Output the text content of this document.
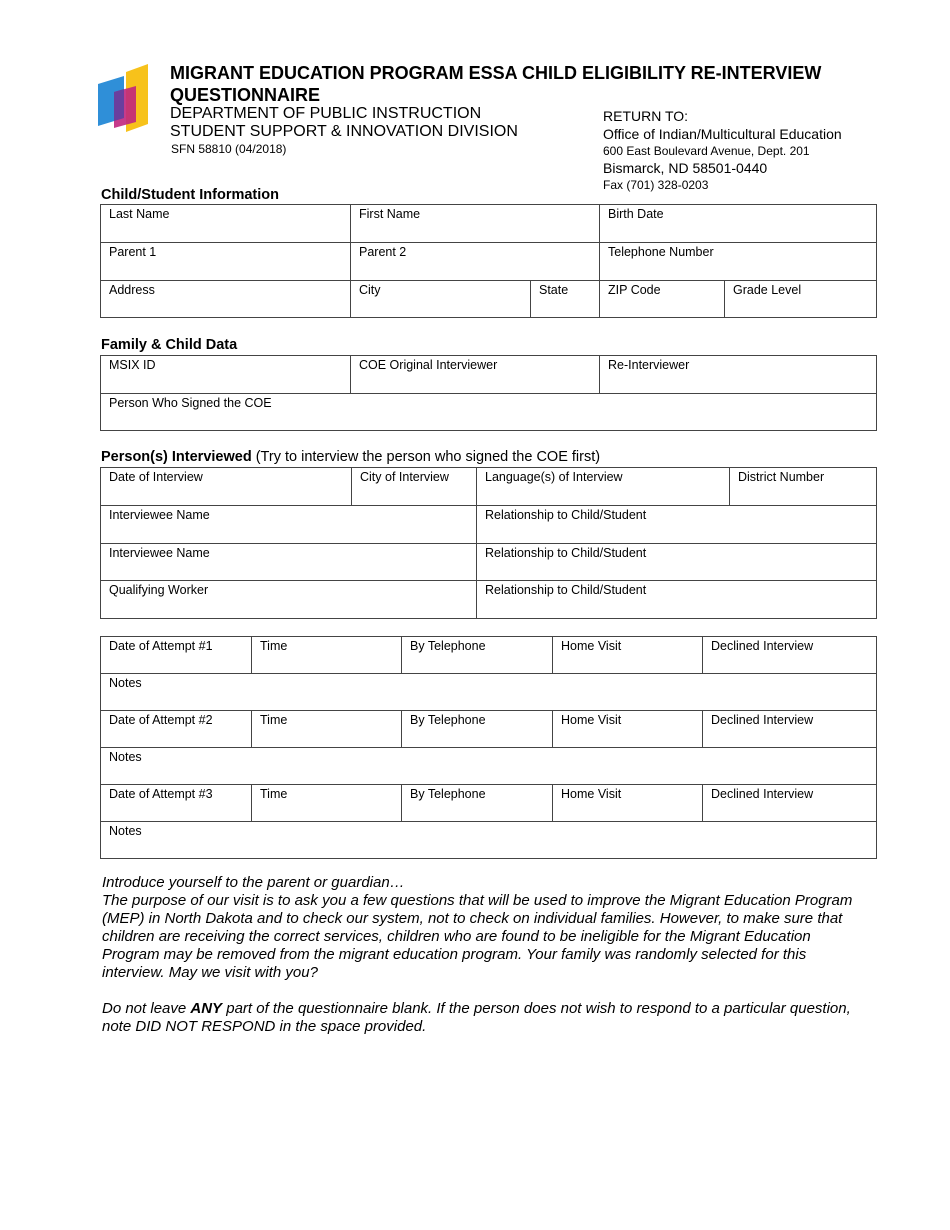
MIGRANT EDUCATION PROGRAM ESSA CHILD ELIGIBILITY RE-INTERVIEW QUESTIONNAIRE
DEPARTMENT OF PUBLIC INSTRUCTION
STUDENT SUPPORT & INNOVATION DIVISION
SFN 58810 (04/2018)
RETURN TO:
Office of Indian/Multicultural Education
600 East Boulevard Avenue, Dept. 201
Bismarck, ND 58501-0440
Fax (701) 328-0203
Child/Student Information
Last Name	First Name		Birth Date	
Parent 1	Parent 2		Telephone Number	
Address	City	State	ZIP Code	Grade Level
Family & Child Data
MSIX ID	COE Original Interviewer	Re-Interviewer
Person Who Signed the COE
Person(s) Interviewed (Try to interview the person who signed the COE first)
Date of Interview	City of Interview	Language(s) of Interview	District Number
Interviewee Name		Relationship to Child/Student	
Interviewee Name		Relationship to Child/Student	
Qualifying Worker		Relationship to Child/Student	
Date of Attempt #1	Time	By Telephone	Home Visit	Declined Interview
Notes				
Date of Attempt #2	Time	By Telephone	Home Visit	Declined Interview
Notes				
Date of Attempt #3	Time	By Telephone	Home Visit	Declined Interview
Notes				
Introduce yourself to the parent or guardian…

The purpose of our visit is to ask you a few questions that will be used to improve the Migrant Education Program (MEP) in North Dakota and to check our system, not to check on individual families. However, to make sure that children are receiving the correct services, children who are found to be ineligible for the Migrant Education Program may be removed from the migrant education program. Your family was randomly selected for this interview. May we visit with you?

Do not leave ANY part of the questionnaire blank. If the person does not wish to respond to a particular question, note DID NOT RESPOND in the space provided.
